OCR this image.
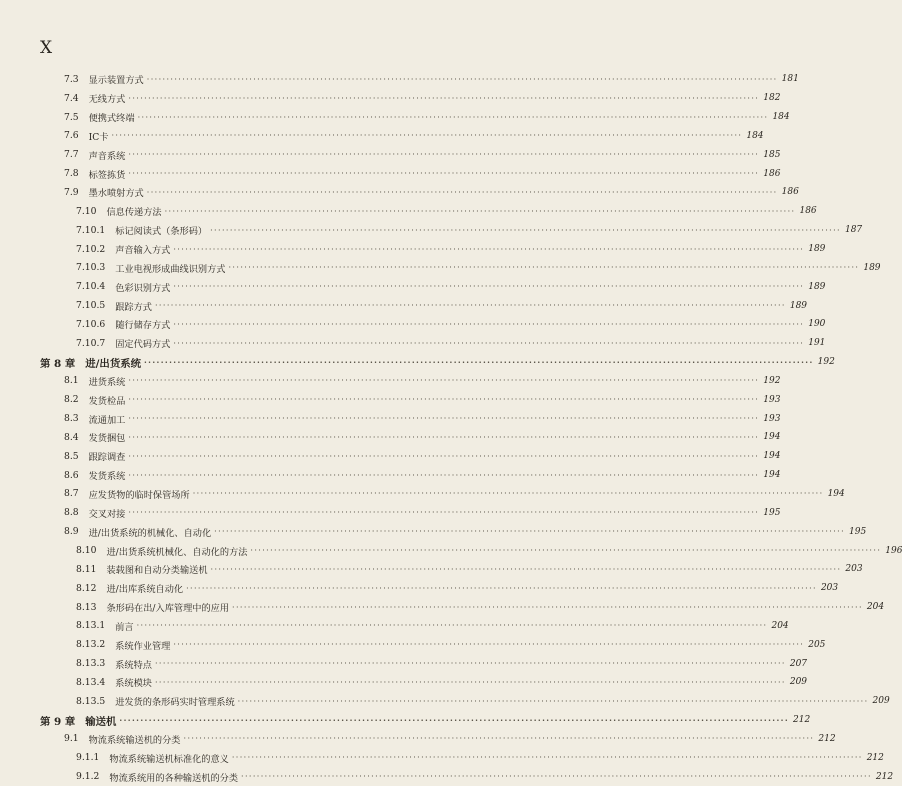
X
7.3 显示装置方式 ································································································································································ 181
7.4 无线方式 ································································································································································ 182
7.5 便携式终端 ································································································································································ 184
7.6 IC卡 ································································································································································ 184
7.7 声音系统 ································································································································································ 185
7.8 标签拣货 ································································································································································ 186
7.9 墨水喷射方式 ································································································································································ 186
7.10 信息传递方法 ································································································································································ 186
7.10.1 标记阅读式（条形码） ································································································································································ 187
7.10.2 声音输入方式 ································································································································································ 189
7.10.3 工业电视形成曲线识别方式 ································································································································································ 189
7.10.4 色彩识别方式 ································································································································································ 189
7.10.5 跟踪方式 ································································································································································ 189
7.10.6 随行储存方式 ································································································································································ 190
7.10.7 固定代码方式 ································································································································································ 191
第 8 章 进/出货系统 ································································································································································ 192
8.1 进货系统 ································································································································································ 192
8.2 发货检品 ································································································································································ 193
8.3 流通加工 ································································································································································ 193
8.4 发货捆包 ································································································································································ 194
8.5 跟踪调查 ································································································································································ 194
8.6 发货系统 ································································································································································ 194
8.7 应发货物的临时保管场所 ································································································································································ 194
8.8 交叉对接 ································································································································································ 195
8.9 进/出货系统的机械化、自动化 ································································································································································ 195
8.10 进/出货系统机械化、自动化的方法 ································································································································································ 196
8.11 装载图和自动分类输送机 ································································································································································ 203
8.12 进/出库系统自动化 ································································································································································ 203
8.13 条形码在出/入库管理中的应用 ································································································································································ 204
8.13.1 前言 ································································································································································ 204
8.13.2 系统作业管理 ································································································································································ 205
8.13.3 系统特点 ································································································································································ 207
8.13.4 系统模块 ································································································································································ 209
8.13.5 进发货的条形码实时管理系统 ································································································································································ 209
第 9 章 输送机 ································································································································································ 212
9.1 物流系统输送机的分类 ································································································································································ 212
9.1.1 物流系统输送机标准化的意义 ································································································································································ 212
9.1.2 物流系统用的各种输送机的分类 ································································································································································ 212
